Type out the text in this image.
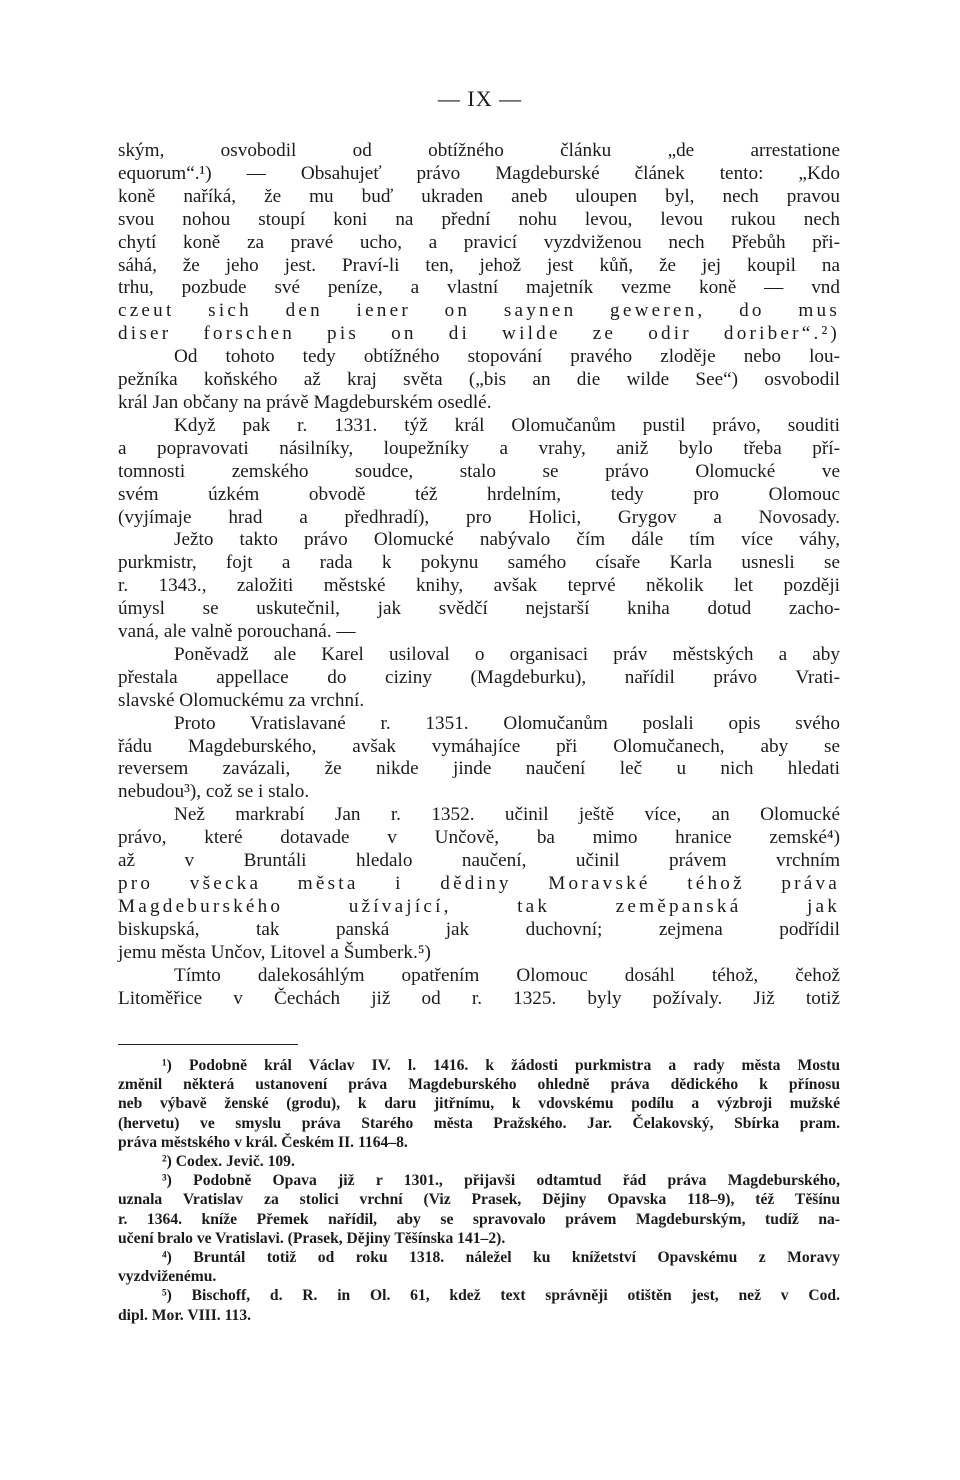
— IX —
ským, osvobodil od obtížného článku „de arrestatione
equorum“.¹) — Obsahujeť právo Magdeburské článek tento: „Kdo
koně naříká, že mu buď ukraden aneb uloupen byl, nech pravou
svou nohou stoupí koni na přední nohu levou, levou rukou nech
chytí koně za pravé ucho, a pravicí vyzdviženou nech Přebůh při-
sáhá, že jeho jest. Praví-li ten, jehož jest kůň, že jej koupil na
trhu, pozbude své peníze, a vlastní majetník vezme koně — vnd
czeut sich den iener on saynen geweren, do mus
diser forschen pis on di wilde ze odir doriber“.²)
Od tohoto tedy obtížného stopování pravého zloděje nebo lou-
pežníka koňského až kraj světa („bis an die wilde See“) osvobodil
král Jan občany na právě Magdeburském osedlé.
Když pak r. 1331. týž král Olomučanům pustil právo, souditi
a popravovati násilníky, loupežníky a vrahy, aniž bylo třeba pří-
tomnosti zemského soudce, stalo se právo Olomucké ve
svém úzkém obvodě též hrdelním, tedy pro Olomouc
(vyjímaje hrad a předhradí), pro Holici, Grygov a Novosady.
Ježto takto právo Olomucké nabývalo čím dále tím více váhy,
purkmistr, fojt a rada k pokynu samého císaře Karla usnesli se
r. 1343., založiti městské knihy, avšak teprvé několik let později
úmysl se uskutečnil, jak svědčí nejstarší kniha dotud zacho-
vaná, ale valně porouchaná. —
Poněvadž ale Karel usiloval o organisaci práv městských a aby
přestala appellace do ciziny (Magdeburku), nařídil právo Vrati-
slavské Olomuckému za vrchní.
Proto Vratislavané r. 1351. Olomučanům poslali opis svého
řádu Magdeburského, avšak vymáhajíce při Olomučanech, aby se
reversem zavázali, že nikde jinde naučení leč u nich hledati
nebudou³), což se i stalo.
Než markrabí Jan r. 1352. učinil ještě více, an Olomucké
právo, které dotavade v Unčově, ba mimo hranice zemské⁴)
až v Bruntáli hledalo naučení, učinil právem vrchním
pro všecka města i dědiny Moravské téhož práva
Magdeburského užívající, tak zeměpanská jak
biskupská, tak panská jak duchovní; zejmena podřídil
jemu města Unčov, Litovel a Šumberk.⁵)
Tímto dalekosáhlým opatřením Olomouc dosáhl téhož, čehož
Litoměřice v Čechách již od r. 1325. byly požívaly. Již totiž
¹) Podobně král Václav IV. l. 1416. k žádosti purkmistra a rady města Mostu
změnil některá ustanovení práva Magdeburského ohledně práva dědického k přínosu
neb výbavě ženské (grodu), k daru jitřnímu, k vdovskému podílu a výzbroji mužské
(hervetu) ve smyslu práva Starého města Pražského. Jar. Čelakovský, Sbírka pram.
práva městského v král. Českém II. 1164–8.
²) Codex. Jevič. 109.
³) Podobně Opava již r 1301., přijavši odtamtud řád práva Magdeburského,
uznala Vratislav za stolici vrchní (Viz Prasek, Dějiny Opavska 118–9), též Těšínu
r. 1364. kníže Přemek nařídil, aby se spravovalo právem Magdeburským, tudíž na-
učení bralo ve Vratislavi. (Prasek, Dějiny Těšínska 141–2).
⁴) Bruntál totiž od roku 1318. náležel ku knížetství Opavskému z Moravy
vyzdviženému.
⁵) Bischoff, d. R. in Ol. 61, kdež text správněji otištěn jest, než v Cod.
dipl. Mor. VIII. 113.
